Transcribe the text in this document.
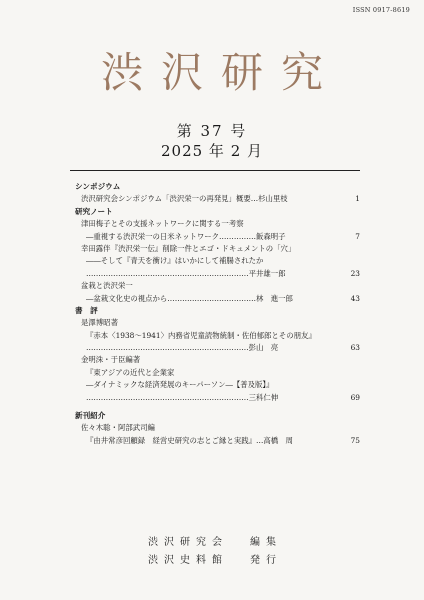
ISSN 0917-8619
渋沢研究
第 37 号
2025 年 2 月
シンポジウム
渋沢研究会シンポジウム「渋沢栄一の再発見」概要…杉山里枝	1
研究ノート
津田梅子とその支援ネットワークに関する一考察
―重視する渋沢栄一の日米ネットワーク……………飯森明子	7
幸田露伴『渋沢栄一伝』削除一件とエゴ・ドキュメントの「穴」
――そして『青天を衝け』はいかにして補腸されたか
…………………………………………………………平井雄一郎	23
盆栽と渋沢栄一
―盆栽文化史の視点から………………………………林　進一郎	43
書　評
是澤博昭著
『赤本〈1938～1941〉内務省児童読物統制・佐伯郁郎とその朋友』
…………………………………………………………彭山　亮	63
金明洙・于臣編著
『東アジアの近代と企業家
―ダイナミックな経済発展のキーパーソン―【普及版】』
…………………………………………………………三科仁伸	69
新刊紹介
佐々木聡・阿部武司編
『由井常彦回顧録　経営史研究の志とご縁と実践』…高橋　周	75
渋沢研究会 編集
渋沢史料館 発行
